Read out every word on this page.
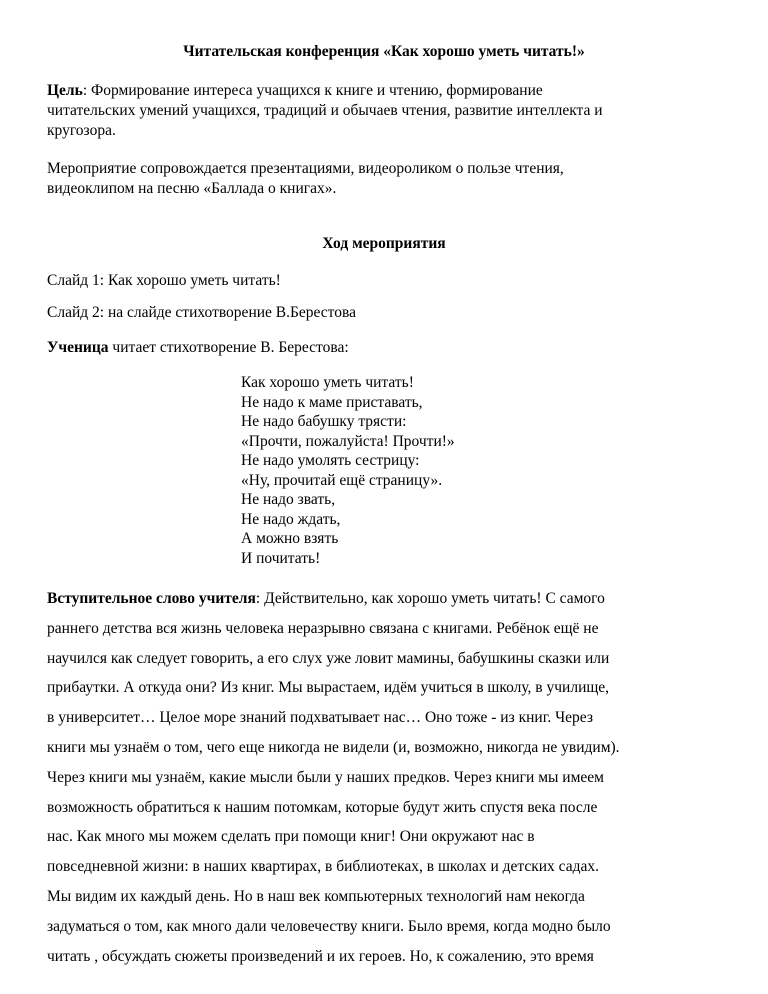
Читательская конференция «Как хорошо уметь читать!»

Цель: Формирование интереса учащихся к книге и чтению, формирование
читательских умений учащихся, традиций и обычаев чтения, развитие интеллекта и
кругозора.
Мероприятие сопровождается презентациями, видеороликом о пользе чтения,
видеоклипом на песню «Баллада о книгах».

Ход мероприятия

Слайд 1: Как хорошо уметь читать!

Слайд 2: на слайде стихотворение В.Берестова

Ученица читает стихотворение В. Берестова:

Как хорошо уметь читать!
Не надо к маме приставать,
Не надо бабушку трясти:
«Прочти, пожалуйста! Прочти!»
Не надо умолять сестрицу:
«Ну, прочитай ещё страницу».
Не надо звать,
Не надо ждать,
А можно взять
И почитать!
Вступительное слово учителя: Действительно, как хорошо уметь читать! С самого
раннего детства вся жизнь человека неразрывно связана с книгами. Ребёнок ещё не
научился как следует говорить, а его слух уже ловит мамины, бабушкины сказки или
прибаутки. А откуда они? Из книг. Мы вырастаем, идём учиться в школу, в училище,
в университет… Целое море знаний подхватывает нас… Оно тоже - из книг. Через
книги мы узнаём о том, чего еще никогда не видели (и, возможно, никогда не увидим).
Через книги мы узнаём, какие мысли были у наших предков. Через книги мы имеем
возможность обратиться к нашим потомкам, которые будут жить спустя века после
нас. Как много мы можем сделать при помощи книг! Они окружают нас в
повседневной жизни: в наших квартирах, в библиотеках, в школах и детских садах.
Мы видим их каждый день. Но в наш век компьютерных технологий нам некогда
задуматься о том, как много дали человечеству книги. Было время, когда модно было
читать , обсуждать сюжеты произведений и их героев. Но, к сожалению, это время
